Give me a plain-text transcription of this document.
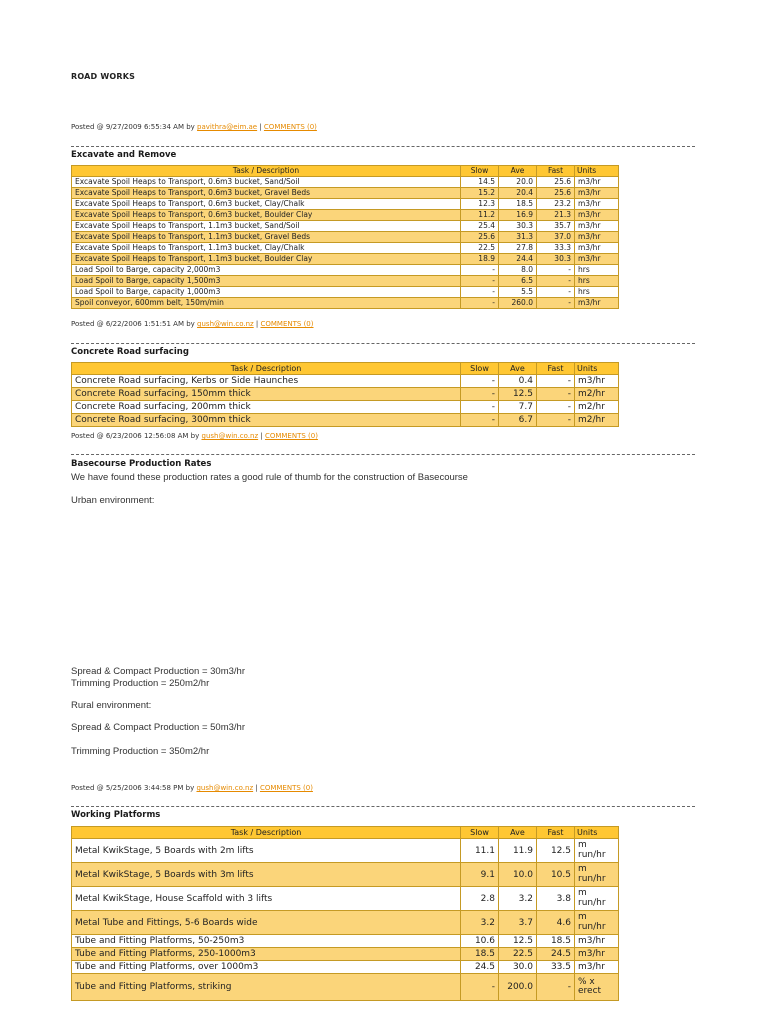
ROAD WORKS
Posted @ 9/27/2009 6:55:34 AM by pavithra@eim.ae | COMMENTS (0)
Excavate and Remove
Task / Description	Slow	Ave	Fast	Units
Excavate Spoil Heaps to Transport, 0.6m3 bucket, Sand/Soil	14.5	20.0	25.6	m3/hr
Excavate Spoil Heaps to Transport, 0.6m3 bucket, Gravel Beds	15.2	20.4	25.6	m3/hr
Excavate Spoil Heaps to Transport, 0.6m3 bucket, Clay/Chalk	12.3	18.5	23.2	m3/hr
Excavate Spoil Heaps to Transport, 0.6m3 bucket, Boulder Clay	11.2	16.9	21.3	m3/hr
Excavate Spoil Heaps to Transport, 1.1m3 bucket, Sand/Soil	25.4	30.3	35.7	m3/hr
Excavate Spoil Heaps to Transport, 1.1m3 bucket, Gravel Beds	25.6	31.3	37.0	m3/hr
Excavate Spoil Heaps to Transport, 1.1m3 bucket, Clay/Chalk	22.5	27.8	33.3	m3/hr
Excavate Spoil Heaps to Transport, 1.1m3 bucket, Boulder Clay	18.9	24.4	30.3	m3/hr
Load Spoil to Barge, capacity 2,000m3	-	8.0	-	hrs
Load Spoil to Barge, capacity 1,500m3	-	6.5	-	hrs
Load Spoil to Barge, capacity 1,000m3	-	5.5	-	hrs
Spoil conveyor, 600mm belt, 150m/min	-	260.0	-	m3/hr
Posted @ 6/22/2006 1:51:51 AM by gush@win.co.nz | COMMENTS (0)
Concrete Road surfacing
Task / Description	Slow	Ave	Fast	Units
Concrete Road surfacing, Kerbs or Side Haunches	-	0.4	-	m3/hr
Concrete Road surfacing, 150mm thick	-	12.5	-	m2/hr
Concrete Road surfacing, 200mm thick	-	7.7	-	m2/hr
Concrete Road surfacing, 300mm thick	-	6.7	-	m2/hr
Posted @ 6/23/2006 12:56:08 AM by gush@win.co.nz | COMMENTS (0)
Basecourse Production Rates
We have found these production rates a good rule of thumb for the construction of Basecourse
Urban environment:
Spread & Compact Production = 30m3/hr
Trimming Production = 250m2/hr
Rural environment:
Spread & Compact Production = 50m3/hr
Trimming Production = 350m2/hr
Posted @ 5/25/2006 3:44:58 PM by gush@win.co.nz | COMMENTS (0)
Working Platforms
Task / Description	Slow	Ave	Fast	Units
Metal KwikStage, 5 Boards with 2m lifts	11.1	11.9	12.5	m run/hr
Metal KwikStage, 5 Boards with 3m lifts	9.1	10.0	10.5	m run/hr
Metal KwikStage, House Scaffold with 3 lifts	2.8	3.2	3.8	m run/hr
Metal Tube and Fittings, 5-6 Boards wide	3.2	3.7	4.6	m run/hr
Tube and Fitting Platforms, 50-250m3	10.6	12.5	18.5	m3/hr
Tube and Fitting Platforms, 250-1000m3	18.5	22.5	24.5	m3/hr
Tube and Fitting Platforms, over 1000m3	24.5	30.0	33.5	m3/hr
Tube and Fitting Platforms, striking	-	200.0	-	% x erect
